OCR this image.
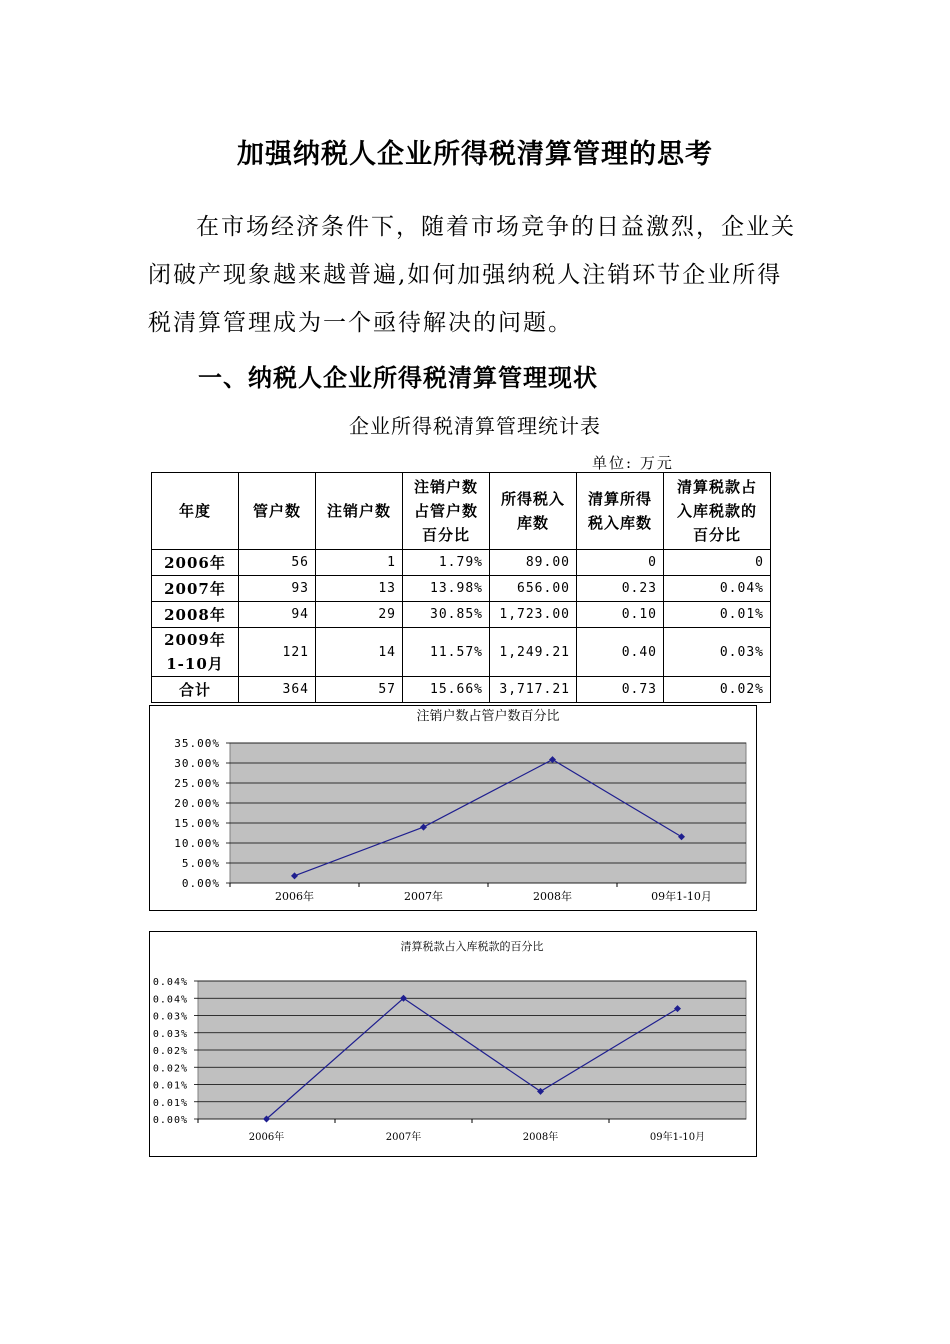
加强纳税人企业所得税清算管理的思考

在市场经济条件下，随着市场竞争的日益激烈，企业关闭破产现象越来越普遍,如何加强纳税人注销环节企业所得税清算管理成为一个亟待解决的问题。

一、纳税人企业所得税清算管理现状
企业所得税清算管理统计表
单位: 万元
年度	管户数	注销户数	注销户数
占管户数
百分比	所得税入
库数	清算所得
税入库数	清算税款占
入库税款的
百分比
2006年	56	1	1.79%	89.00	0	0
2007年	93	13	13.98%	656.00	0.23	0.04%
2008年	94	29	30.85%	1,723.00	0.10	0.01%
2009年
1-10月	121	14	11.57%	1,249.21	0.40	0.03%
合计	364	57	15.66%	3,717.21	0.73	0.02%
注销户数占管户数百分比
0.00%
5.00%
10.00%
15.00%
20.00%
25.00%
30.00%
35.00%
2006年	2007年	2008年	09年1-10月
清算税款占入库税款的百分比
0.00%
0.01%
0.01%
0.02%
0.02%
0.03%
0.03%
0.04%
0.04%
2006年	2007年	2008年	09年1-10月
